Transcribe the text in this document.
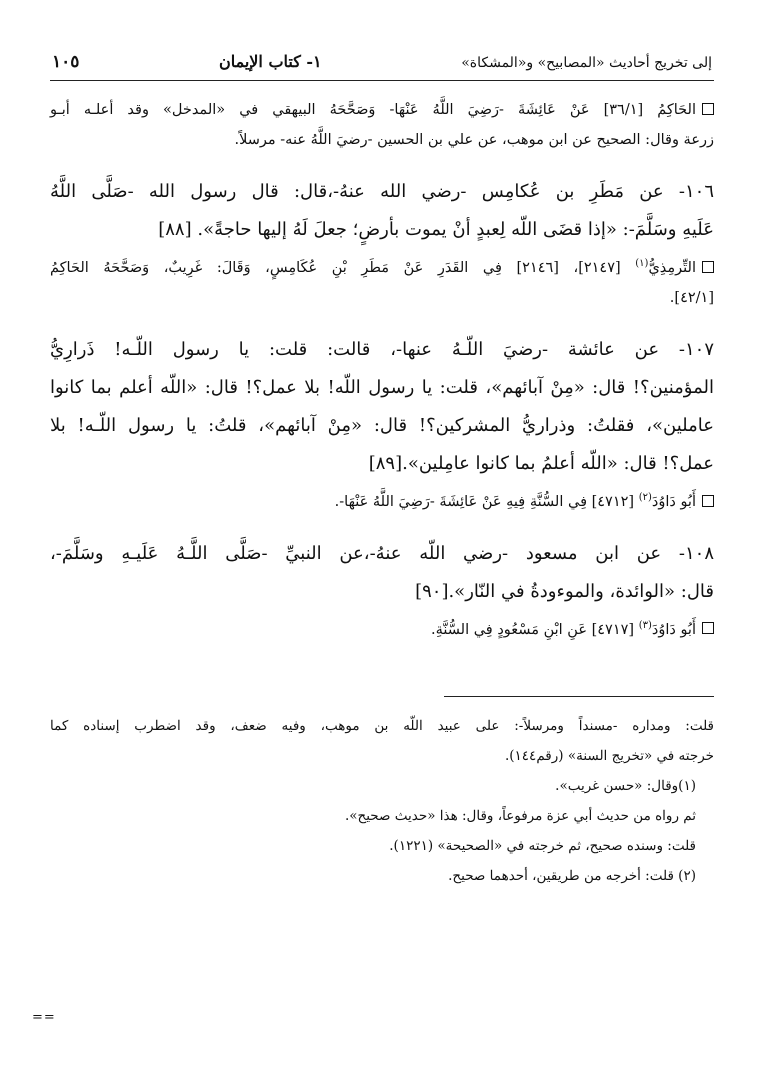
إلى تخريج أحاديث «المصابيح» و«المشكاة»
١- كتاب الإيمان
١٠٥

الحَاكِمُ [٣٦/١] عَنْ عَائِشَةَ -رَضِيَ اللَّهُ عَنْهَا- وَصَحَّحَهُ البيهقي في «المدخل» وقد أعلـه أبـو

زرعة وقال: الصحيح عن ابن موهب، عن علي بن الحسين -رضيَ اللَّهُ عنه- مرسلاً.

١٠٦- عن مَطَرِ بن عُكامِس -رضي الله عنهُ-،قال: قال رسول الله -صَلَّى اللَّهُ

عَلَيهِ وسَلَّمَ-: «إذا قضَى اللّه لِعبدٍ أنْ يموت بأرضٍ؛ جعلَ لَهُ إليها حاجةً». [٨٨]

التِّرمِذِيُّ$^{(١)}$ [٢١٤٧]، [٢١٤٦] فِي القَدَرِ عَنْ مَطَرِ بْنِ عُكَامِسٍ، وَقَالَ: غَرِيبٌ، وَصَحَّحَهُ الحَاكِمُ

[٤٢/١].

١٠٧- عن عائشة -رضيَ اللّـهُ عنها-، قالت: قلت: يا رسول اللّـه! ذَرارِيُّ

المؤمنين؟! قال: «مِنْ آبائهم»، قلت: يا رسول اللّه! بلا عمل؟! قال: «اللّه أعلم بما كانوا

عاملين»، فقلتُ: وذراريُّ المشركين؟! قال: «مِنْ آبائهم»، قلتُ: يا رسول اللّـه! بلا

عمل؟! قال: «اللّه أعلمُ بما كانوا عامِلين».[٨٩]

أَبُو دَاوُدَ$^{(٢)}$ [٤٧١٢] فِي السُّنَّةِ فِيهِ عَنْ عَائِشَةَ -رَضِيَ اللَّهُ عَنْهَا-.

١٠٨- عن ابن مسعود -رضي اللّه عنهُ-،عن النبيِّ -صَلَّى اللَّـهُ عَلَيـهِ وسَلَّمَ-،

قال: «الوائدة، والموءودةُ في النّار».[٩٠]

أَبُو دَاوُدَ$^{(٣)}$ [٤٧١٧] عَنِ ابْنِ مَسْعُودٍ فِي السُّنَّةِ.

قلت: ومداره -مسنداً ومرسلاً-: على عبيد اللّه بن موهب، وفيه ضعف، وقد اضطرب إسناده كما

خرجته في «تخريج السنة» (رقم١٤٤).

(١)وقال: «حسن غريب».

ثم رواه من حديث أبي عزة مرفوعاً، وقال: هذا «حديث صحيح».

قلت: وسنده صحيح، ثم خرجته في «الصحيحة» (١٢٢١).

(٢) قلت: أخرجه من طريقين، أحدهما صحيح.

==
